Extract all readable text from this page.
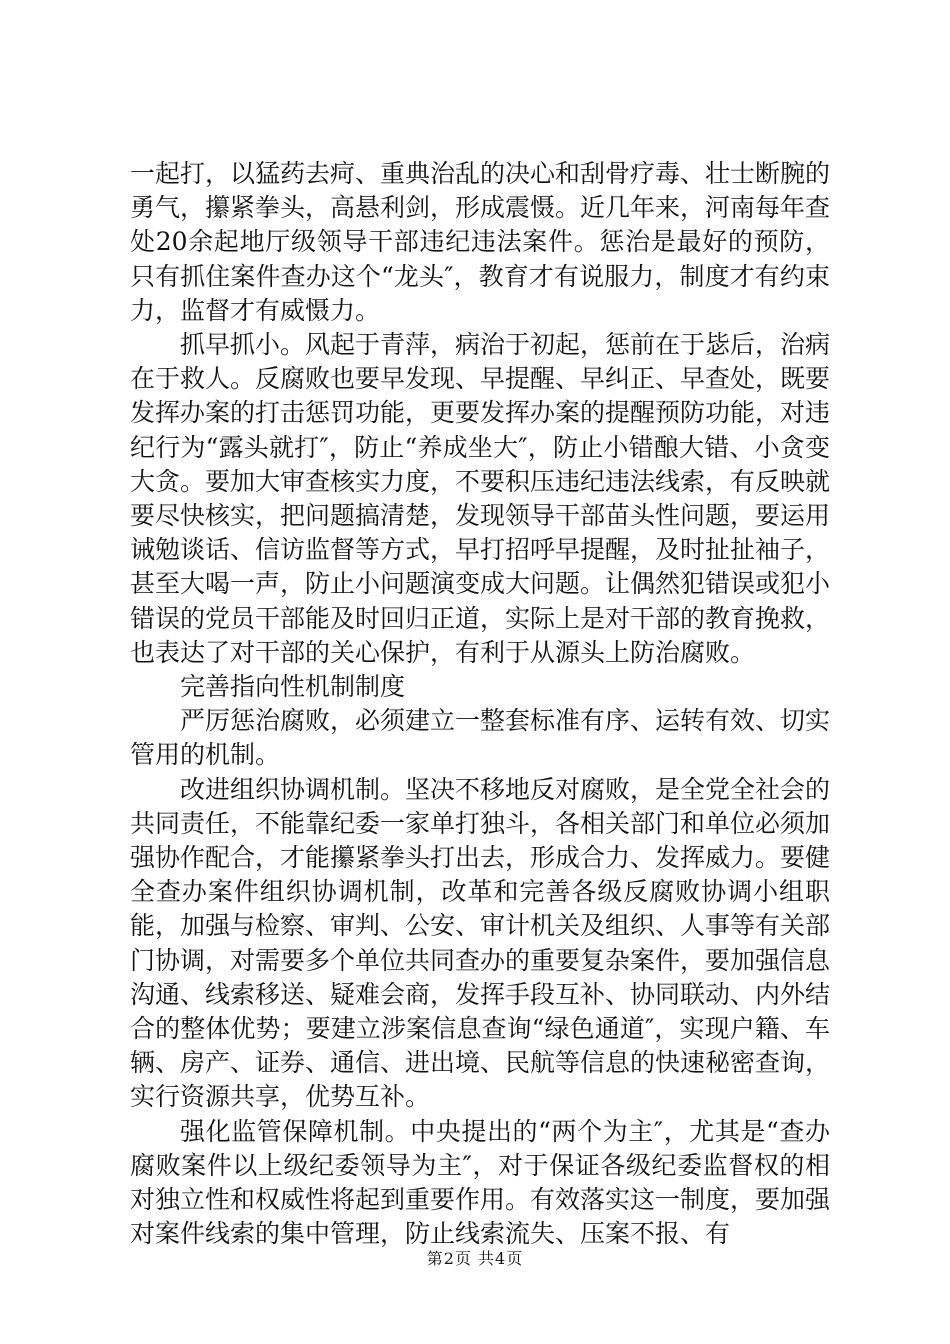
一起打，以猛药去疴、重典治乱的决心和刮骨疗毒、壮士断腕的勇气，攥紧拳头，高悬利剑，形成震慑。近几年来，河南每年查处20余起地厅级领导干部违纪违法案件。惩治是最好的预防，只有抓住案件查办这个“龙头″，教育才有说服力，制度才有约束力，监督才有威慑力。

抓早抓小。风起于青萍，病治于初起，惩前在于毖后，治病在于救人。反腐败也要早发现、早提醒、早纠正、早查处，既要发挥办案的打击惩罚功能，更要发挥办案的提醒预防功能，对违纪行为“露头就打″，防止“养成坐大″，防止小错酿大错、小贪变大贪。要加大审查核实力度，不要积压违纪违法线索，有反映就要尽快核实，把问题搞清楚，发现领导干部苗头性问题，要运用诫勉谈话、信访监督等方式，早打招呼早提醒，及时扯扯袖子，甚至大喝一声，防止小问题演变成大问题。让偶然犯错误或犯小错误的党员干部能及时回归正道，实际上是对干部的教育挽救，也表达了对干部的关心保护，有利于从源头上防治腐败。

完善指向性机制制度

严厉惩治腐败，必须建立一整套标准有序、运转有效、切实管用的机制。

改进组织协调机制。坚决不移地反对腐败，是全党全社会的共同责任，不能靠纪委一家单打独斗，各相关部门和单位必须加强协作配合，才能攥紧拳头打出去，形成合力、发挥威力。要健全查办案件组织协调机制，改革和完善各级反腐败协调小组职能，加强与检察、审判、公安、审计机关及组织、人事等有关部门协调，对需要多个单位共同查办的重要复杂案件，要加强信息沟通、线索移送、疑难会商，发挥手段互补、协同联动、内外结合的整体优势；要建立涉案信息查询“绿色通道″，实现户籍、车辆、房产、证券、通信、进出境、民航等信息的快速秘密查询，实行资源共享，优势互补。

强化监管保障机制。中央提出的“两个为主″，尤其是“查办腐败案件以上级纪委领导为主″，对于保证各级纪委监督权的相对独立性和权威性将起到重要作用。有效落实这一制度，要加强对案件线索的集中管理，防止线索流失、压案不报、有

第2页 共4页
